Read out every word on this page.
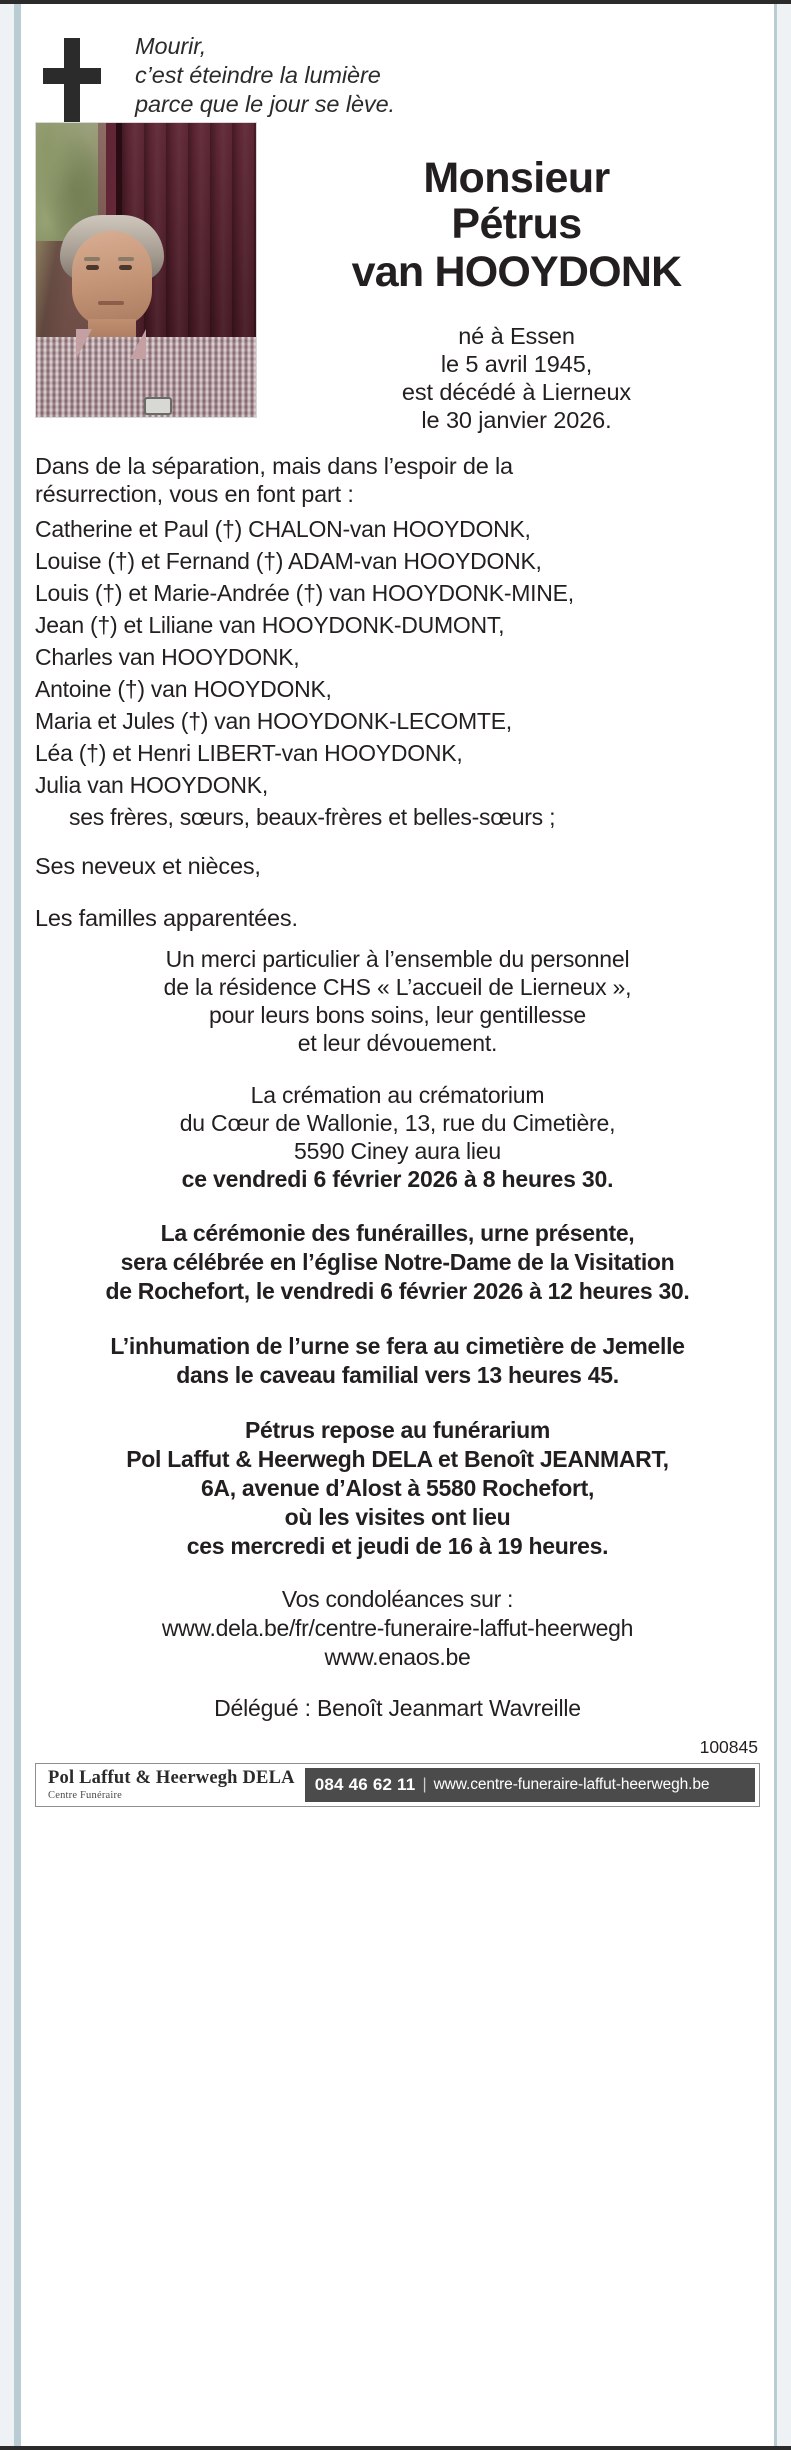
Mourir,
c’est éteindre la lumière
parce que le jour se lève.
Monsieur
Pétrus
van HOOYDONK
né à Essen
le 5 avril 1945,
est décédé à Lierneux
le 30 janvier 2026.
Dans de la séparation, mais dans l’espoir de la
résurrection, vous en font part :
Catherine et Paul (†) CHALON-van HOOYDONK,
Louise (†) et Fernand (†) ADAM-van HOOYDONK,
Louis (†) et Marie-Andrée (†) van HOOYDONK-MINE,
Jean (†) et Liliane van HOOYDONK-DUMONT,
Charles van HOOYDONK,
Antoine (†) van HOOYDONK,
Maria et Jules (†) van HOOYDONK-LECOMTE,
Léa (†) et Henri LIBERT-van HOOYDONK,
Julia van HOOYDONK,
ses frères, sœurs, beaux-frères et belles-sœurs ;
Ses neveux et nièces,
Les familles apparentées.
Un merci particulier à l’ensemble du personnel
de la résidence CHS « L’accueil de Lierneux »,
pour leurs bons soins, leur gentillesse
et leur dévouement.
La crémation au crématorium
du Cœur de Wallonie, 13, rue du Cimetière,
5590 Ciney aura lieu
ce vendredi 6 février 2026 à 8 heures 30.
La cérémonie des funérailles, urne présente,
sera célébrée en l’église Notre-Dame de la Visitation
de Rochefort, le vendredi 6 février 2026 à 12 heures 30.
L’inhumation de l’urne se fera au cimetière de Jemelle
dans le caveau familial vers 13 heures 45.
Pétrus repose au funérarium
Pol Laffut & Heerwegh DELA et Benoît JEANMART,
6A, avenue d’Alost à 5580 Rochefort,
où les visites ont lieu
ces mercredi et jeudi de 16 à 19 heures.
Vos condoléances sur :
www.dela.be/fr/centre-funeraire-laffut-heerwegh
www.enaos.be
Délégué : Benoît Jeanmart Wavreille
100845
Pol Laffut & Heerwegh DELA
Centre Funéraire
084 46 62 11 | www.centre-funeraire-laffut-heerwegh.be
